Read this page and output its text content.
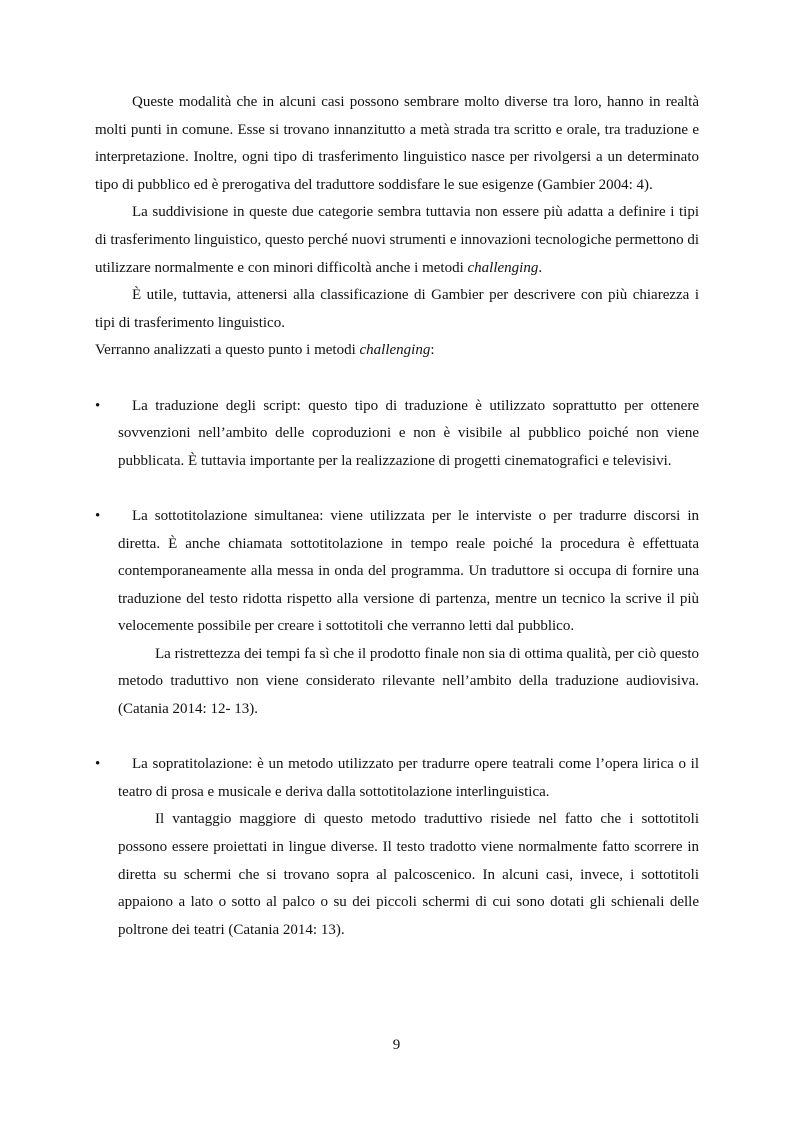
Queste modalità che in alcuni casi possono sembrare molto diverse tra loro, hanno in realtà molti punti in comune. Esse si trovano innanzitutto a metà strada tra scritto e orale, tra traduzione e interpretazione. Inoltre, ogni tipo di trasferimento linguistico nasce per rivolgersi a un determinato tipo di pubblico ed è prerogativa del traduttore soddisfare le sue esigenze (Gambier 2004: 4).

La suddivisione in queste due categorie sembra tuttavia non essere più adatta a definire i tipi di trasferimento linguistico, questo perché nuovi strumenti e innovazioni tecnologiche permettono di utilizzare normalmente e con minori difficoltà anche i metodi challenging.

È utile, tuttavia, attenersi alla classificazione di Gambier per descrivere con più chiarezza i tipi di trasferimento linguistico.

Verranno analizzati a questo punto i metodi challenging:

•	La traduzione degli script: questo tipo di traduzione è utilizzato soprattutto per ottenere sovvenzioni nell’ambito delle coproduzioni e non è visibile al pubblico poiché non viene pubblicata. È tuttavia importante per la realizzazione di progetti cinematografici e televisivi.

•	La sottotitolazione simultanea: viene utilizzata per le interviste o per tradurre discorsi in diretta. È anche chiamata sottotitolazione in tempo reale poiché la procedura è effettuata contemporaneamente alla messa in onda del programma. Un traduttore si occupa di fornire una traduzione del testo ridotta rispetto alla versione di partenza, mentre un tecnico la scrive il più velocemente possibile per creare i sottotitoli che verranno letti dal pubblico.

La ristrettezza dei tempi fa sì che il prodotto finale non sia di ottima qualità, per ciò questo metodo traduttivo non viene considerato rilevante nell’ambito della traduzione audiovisiva. (Catania 2014: 12- 13).

•	La sopratitolazione: è un metodo utilizzato per tradurre opere teatrali come l’opera lirica o il teatro di prosa e musicale e deriva dalla sottotitolazione interlinguistica.

Il vantaggio maggiore di questo metodo traduttivo risiede nel fatto che i sottotitoli possono essere proiettati in lingue diverse. Il testo tradotto viene normalmente fatto scorrere in diretta su schermi che si trovano sopra al palcoscenico. In alcuni casi, invece, i sottotitoli appaiono a lato o sotto al palco o su dei piccoli schermi di cui sono dotati gli schienali delle poltrone dei teatri (Catania 2014: 13).

9
